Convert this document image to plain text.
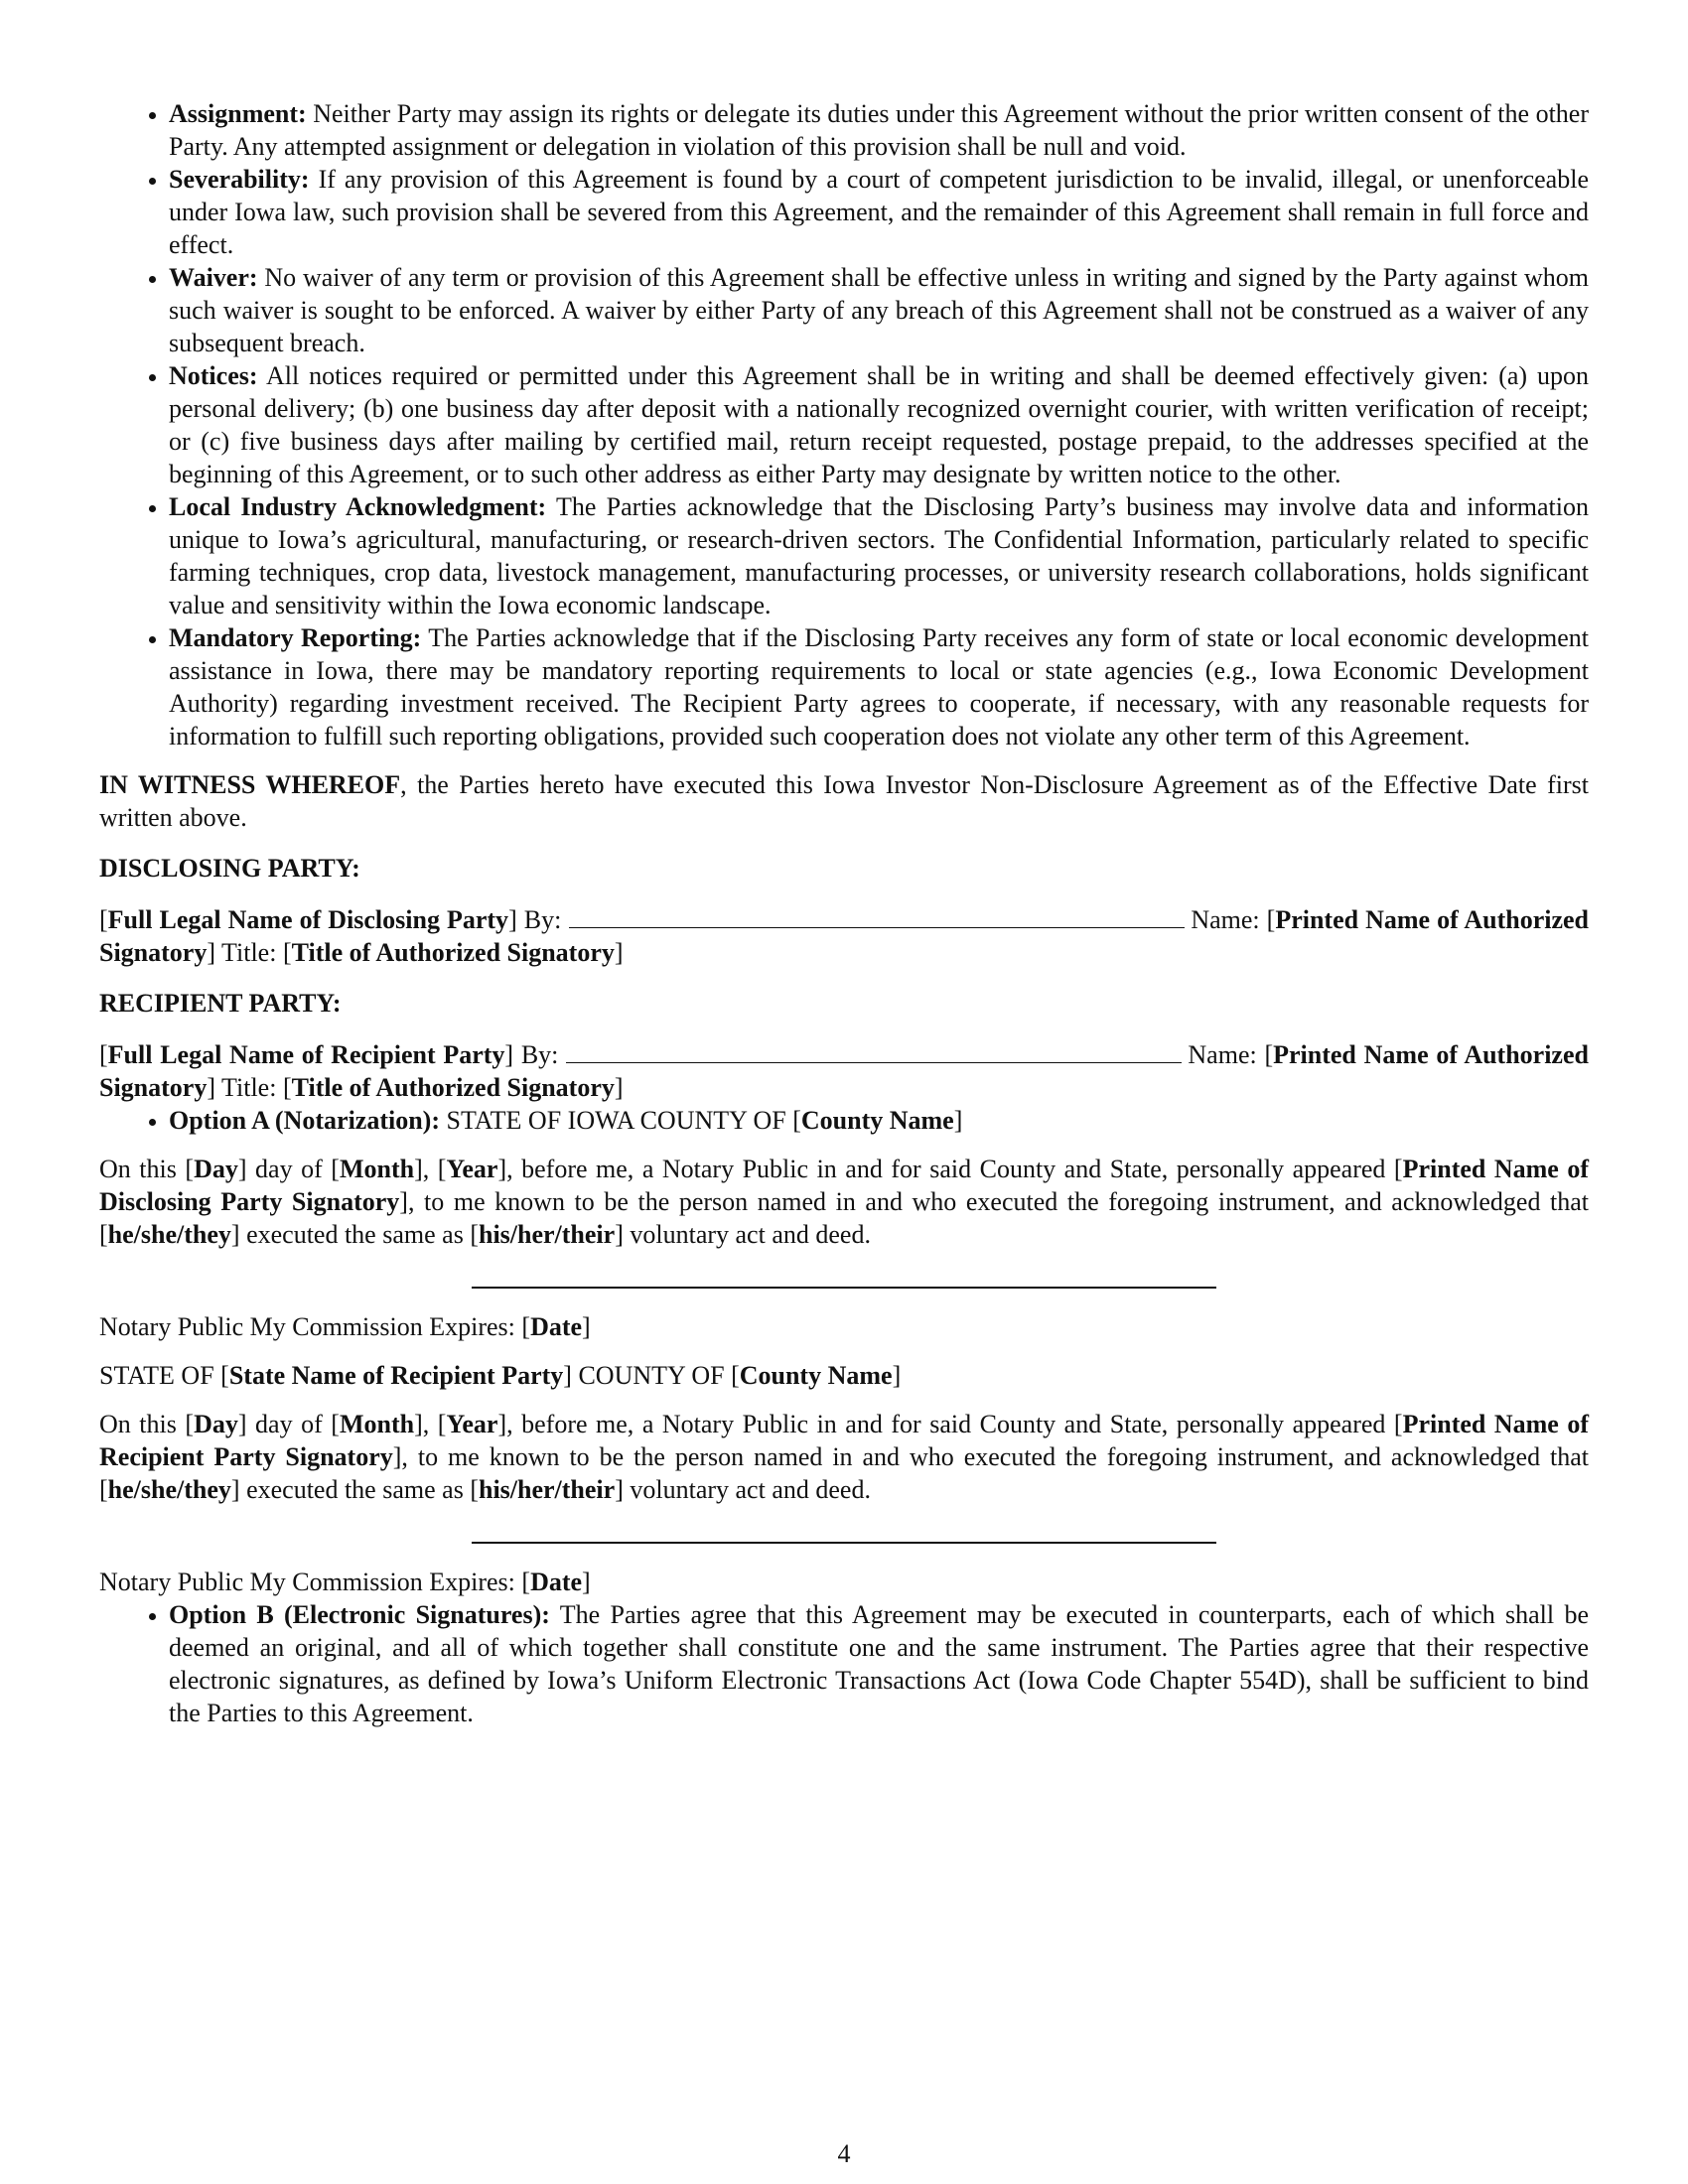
• Assignment: Neither Party may assign its rights or delegate its duties under this Agreement without the prior written consent of the other Party. Any attempted assignment or delegation in violation of this provision shall be null and void.
• Severability: If any provision of this Agreement is found by a court of competent jurisdiction to be invalid, illegal, or unenforceable under Iowa law, such provision shall be severed from this Agreement, and the remainder of this Agreement shall remain in full force and effect.
• Waiver: No waiver of any term or provision of this Agreement shall be effective unless in writing and signed by the Party against whom such waiver is sought to be enforced. A waiver by either Party of any breach of this Agreement shall not be construed as a waiver of any subsequent breach.
• Notices: All notices required or permitted under this Agreement shall be in writing and shall be deemed effectively given: (a) upon personal delivery; (b) one business day after deposit with a nationally recognized overnight courier, with written verification of receipt; or (c) five business days after mailing by certified mail, return receipt requested, postage prepaid, to the addresses specified at the beginning of this Agreement, or to such other address as either Party may designate by written notice to the other.
• Local Industry Acknowledgment: The Parties acknowledge that the Disclosing Party’s business may involve data and information unique to Iowa’s agricultural, manufacturing, or research-driven sectors. The Confidential Information, particularly related to specific farming techniques, crop data, livestock management, manufacturing processes, or university research collaborations, holds significant value and sensitivity within the Iowa economic landscape.
• Mandatory Reporting: The Parties acknowledge that if the Disclosing Party receives any form of state or local economic development assistance in Iowa, there may be mandatory reporting requirements to local or state agencies (e.g., Iowa Economic Development Authority) regarding investment received. The Recipient Party agrees to cooperate, if necessary, with any reasonable requests for information to fulfill such reporting obligations, provided such cooperation does not violate any other term of this Agreement.

IN WITNESS WHEREOF, the Parties hereto have executed this Iowa Investor Non-Disclosure Agreement as of the Effective Date first written above.

DISCLOSING PARTY:

[Full Legal Name of Disclosing Party] By:	Name: [Printed Name of Authorized Signatory] Title: [Title of Authorized Signatory]

RECIPIENT PARTY:

[Full Legal Name of Recipient Party] By:	Name: [Printed Name of Authorized Signatory] Title: [Title of Authorized Signatory]

• Option A (Notarization): STATE OF IOWA COUNTY OF [County Name]

On this [Day] day of [Month], [Year], before me, a Notary Public in and for said County and State, personally appeared [Printed Name of Disclosing Party Signatory], to me known to be the person named in and who executed the foregoing instrument, and acknowledged that [he/she/they] executed the same as [his/her/their] voluntary act and deed.

Notary Public My Commission Expires: [Date]

STATE OF [State Name of Recipient Party] COUNTY OF [County Name]

On this [Day] day of [Month], [Year], before me, a Notary Public in and for said County and State, personally appeared [Printed Name of Recipient Party Signatory], to me known to be the person named in and who executed the foregoing instrument, and acknowledged that [he/she/they] executed the same as [his/her/their] voluntary act and deed.

Notary Public My Commission Expires: [Date]

• Option B (Electronic Signatures): The Parties agree that this Agreement may be executed in counterparts, each of which shall be deemed an original, and all of which together shall constitute one and the same instrument. The Parties agree that their respective electronic signatures, as defined by Iowa’s Uniform Electronic Transactions Act (Iowa Code Chapter 554D), shall be sufficient to bind the Parties to this Agreement.
4
